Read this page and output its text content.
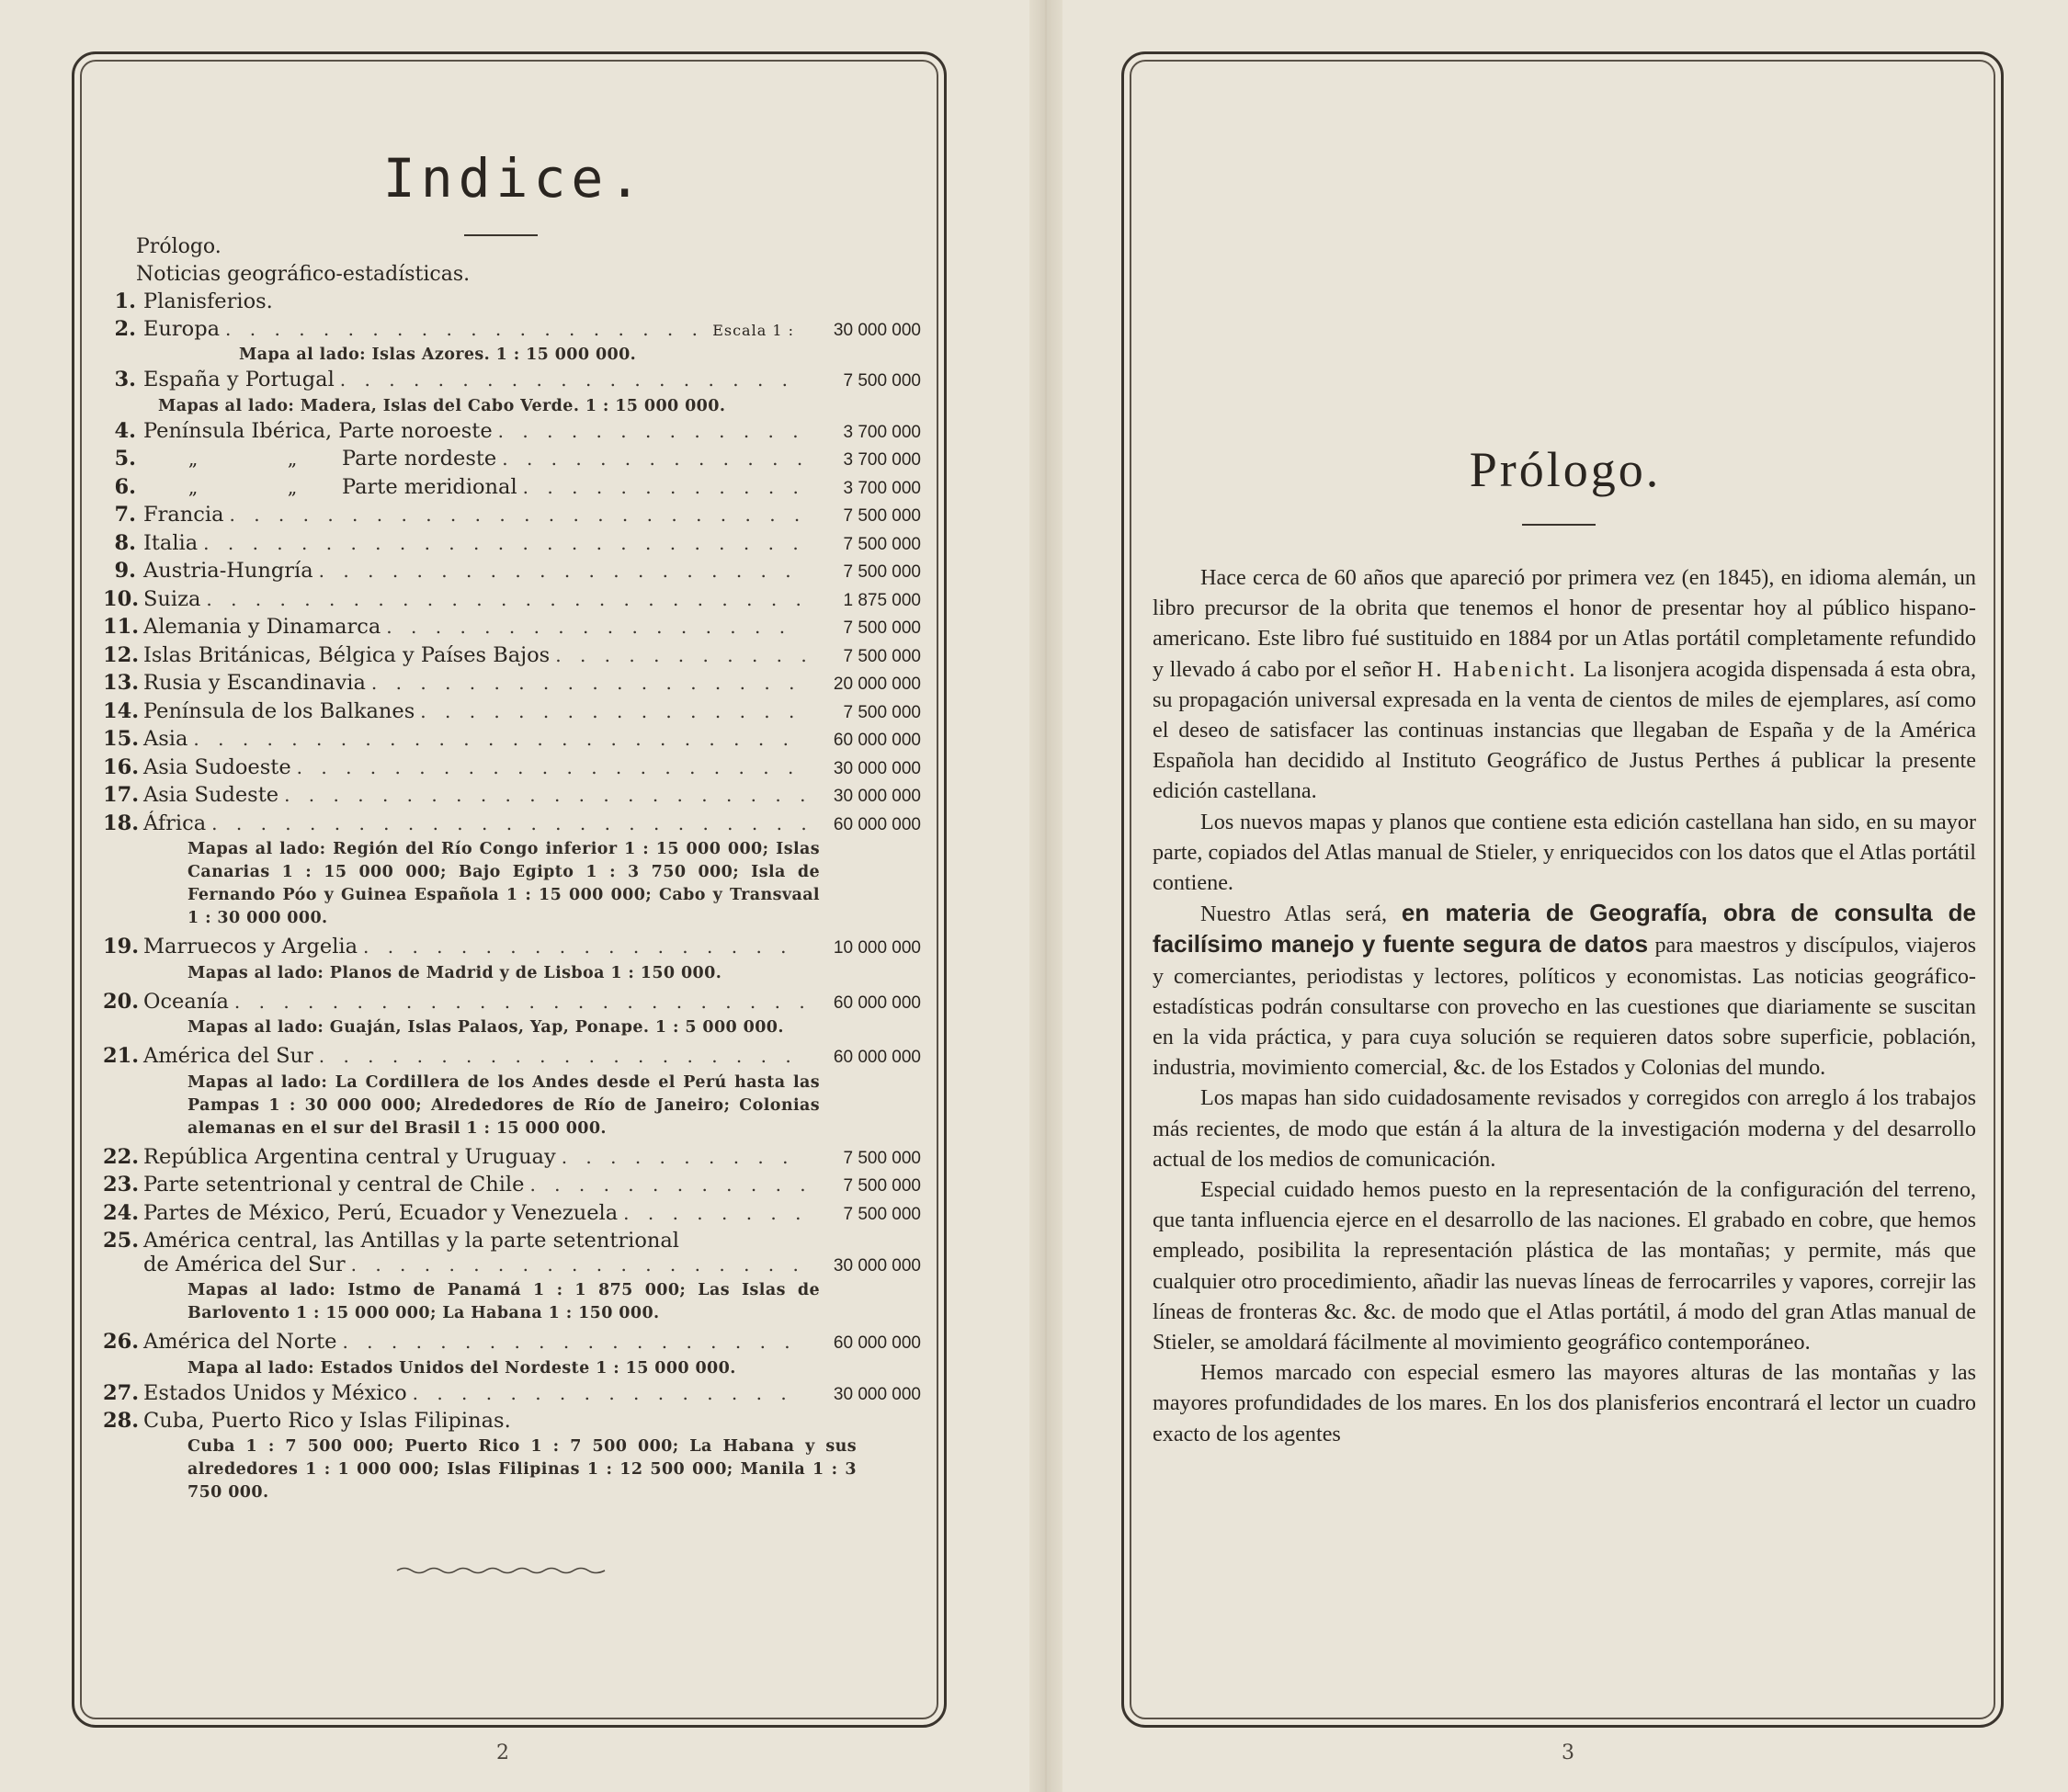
Indice.
Prólogo.
Noticias geográfico-estadísticas.
1. Planisferios.
2. Europa . . .	Escala 1 :	30 000 000
Mapa al lado: Islas Azores. 1 : 15 000 000.
3. España y Portugal . . .	7 500 000
Mapas al lado: Madera, Islas del Cabo Verde. 1 : 15 000 000.
4. Península Ibérica, Parte noroeste . . .	3 700 000
5.	„	„	Parte nordeste . . .	3 700 000
6.	„	„	Parte meridional . . .	3 700 000
7. Francia . . .	7 500 000
8. Italia . . .	7 500 000
9. Austria-Hungría . . .	7 500 000
10. Suiza . . .	1 875 000
11. Alemania y Dinamarca . . .	7 500 000
12. Islas Británicas, Bélgica y Países Bajos . . .	7 500 000
13. Rusia y Escandinavia . . .	20 000 000
14. Península de los Balkanes . . .	7 500 000
15. Asia . . .	60 000 000
16. Asia Sudoeste . . .	30 000 000
17. Asia Sudeste . . .	30 000 000
18. África . . .	60 000 000
Mapas al lado: Región del Río Congo inferior 1 : 15 000 000; Islas Canarias 1 : 15 000 000; Bajo Egipto 1 : 3 750 000; Isla de Fernando Póo y Guinea Española 1 : 15 000 000; Cabo y Transvaal 1 : 30 000 000.
19. Marruecos y Argelia . . .	10 000 000
Mapas al lado: Planos de Madrid y de Lisboa 1 : 150 000.
20. Oceanía . . .	60 000 000
Mapas al lado: Guaján, Islas Palaos, Yap, Ponape. 1 : 5 000 000.
21. América del Sur . . .	60 000 000
Mapas al lado: La Cordillera de los Andes desde el Perú hasta las Pampas 1 : 30 000 000; Alrededores de Río de Janeiro; Colonias alemanas en el sur del Brasil 1 : 15 000 000.
22. República Argentina central y Uruguay . . .	7 500 000
23. Parte setentrional y central de Chile . . .	7 500 000
24. Partes de México, Perú, Ecuador y Venezuela . . .	7 500 000
25. América central, las Antillas y la parte setentrional
de América del Sur . . .	30 000 000
Mapas al lado: Istmo de Panamá 1 : 1 875 000; Las Islas de Barlovento 1 : 15 000 000; La Habana 1 : 150 000.
26. América del Norte . . .	60 000 000
Mapa al lado: Estados Unidos del Nordeste 1 : 15 000 000.
27. Estados Unidos y México . . .	30 000 000
28. Cuba, Puerto Rico y Islas Filipinas.
Cuba 1 : 7 500 000; Puerto Rico 1 : 7 500 000; La Habana y sus alrededores 1 : 1 000 000; Islas Filipinas 1 : 12 500 000; Manila 1 : 3 750 000.
2
Prólogo.
3

Hace cerca de 60 años que apareció por primera vez (en 1845), en idioma alemán, un libro precursor de la obrita que tenemos el honor de presentar hoy al público hispano-americano. Este libro fué sustituido en 1884 por un Atlas portátil completamente refundido y llevado á cabo por el señor H. Habenicht. La lisonjera acogida dispensada á esta obra, su propagación universal expresada en la venta de cientos de miles de ejemplares, así como el deseo de satisfacer las continuas instancias que llegaban de España y de la América Española han decidido al Instituto Geográfico de Justus Perthes á publicar la presente edición castellana.

Los nuevos mapas y planos que contiene esta edición castellana han sido, en su mayor parte, copiados del Atlas manual de Stieler, y enriquecidos con los datos que el Atlas portátil contiene.

Nuestro Atlas será, en materia de Geografía, obra de consulta de facilísimo manejo y fuente segura de datos para maestros y discípulos, viajeros y comerciantes, periodistas y lectores, políticos y economistas. Las noticias geográfico-estadísticas podrán consultarse con provecho en las cuestiones que diariamente se suscitan en la vida práctica, y para cuya solución se requieren datos sobre superficie, población, industria, movimiento comercial, &c. de los Estados y Colonias del mundo.

Los mapas han sido cuidadosamente revisados y corregidos con arreglo á los trabajos más recientes, de modo que están á la altura de la investigación moderna y del desarrollo actual de los medios de comunicación.

Especial cuidado hemos puesto en la representación de la configuración del terreno, que tanta influencia ejerce en el desarrollo de las naciones. El grabado en cobre, que hemos empleado, posibilita la representación plástica de las montañas; y permite, más que cualquier otro procedimiento, añadir las nuevas líneas de ferrocarriles y vapores, correjir las líneas de fronteras &c. &c. de modo que el Atlas portátil, á modo del gran Atlas manual de Stieler, se amoldará fácilmente al movimiento geográfico contemporáneo.

Hemos marcado con especial esmero las mayores alturas de las montañas y las mayores profundidades de los mares. En los dos planisferios encontrará el lector un cuadro exacto de los agentes
